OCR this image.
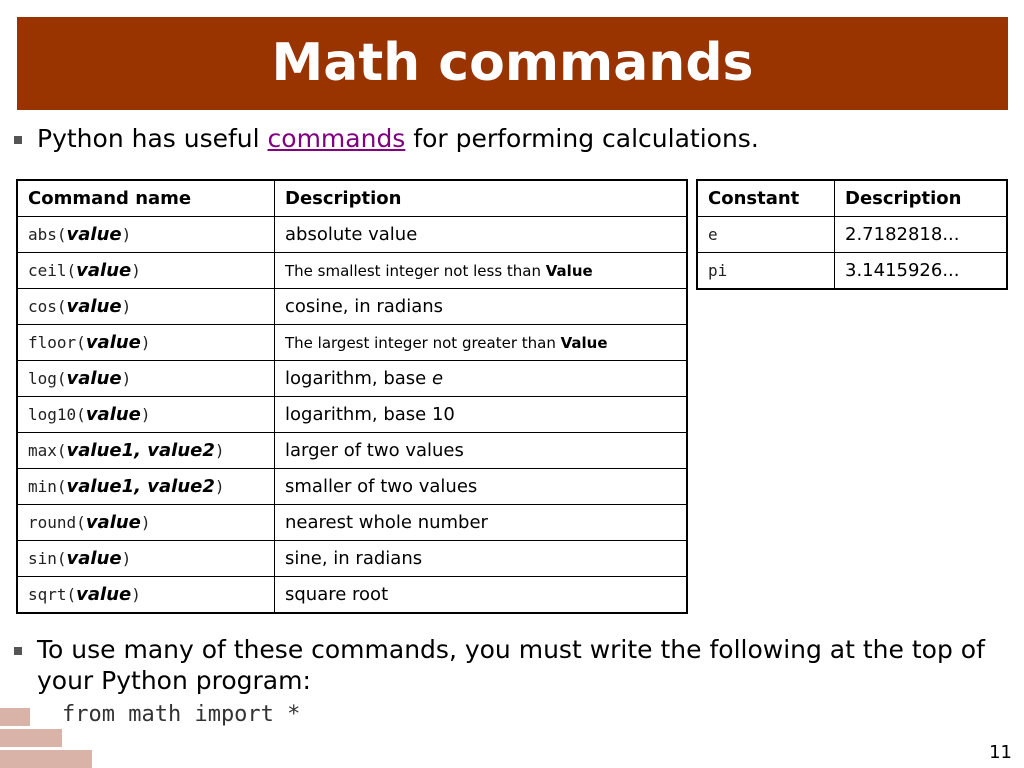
Math commands
Python has useful commands for performing calculations.
Command name	Description
abs(value)	absolute value
ceil(value)	The smallest integer not less than Value
cos(value)	cosine, in radians
floor(value)	The largest integer not greater than Value
log(value)	logarithm, base e
log10(value)	logarithm, base 10
max(value1, value2)	larger of two values
min(value1, value2)	smaller of two values
round(value)	nearest whole number
sin(value)	sine, in radians
sqrt(value)	square root
Constant	Description
e	2.7182818...
pi	3.1415926...
To use many of these commands, you must write the following at the top of your Python program:
from math import *
11
